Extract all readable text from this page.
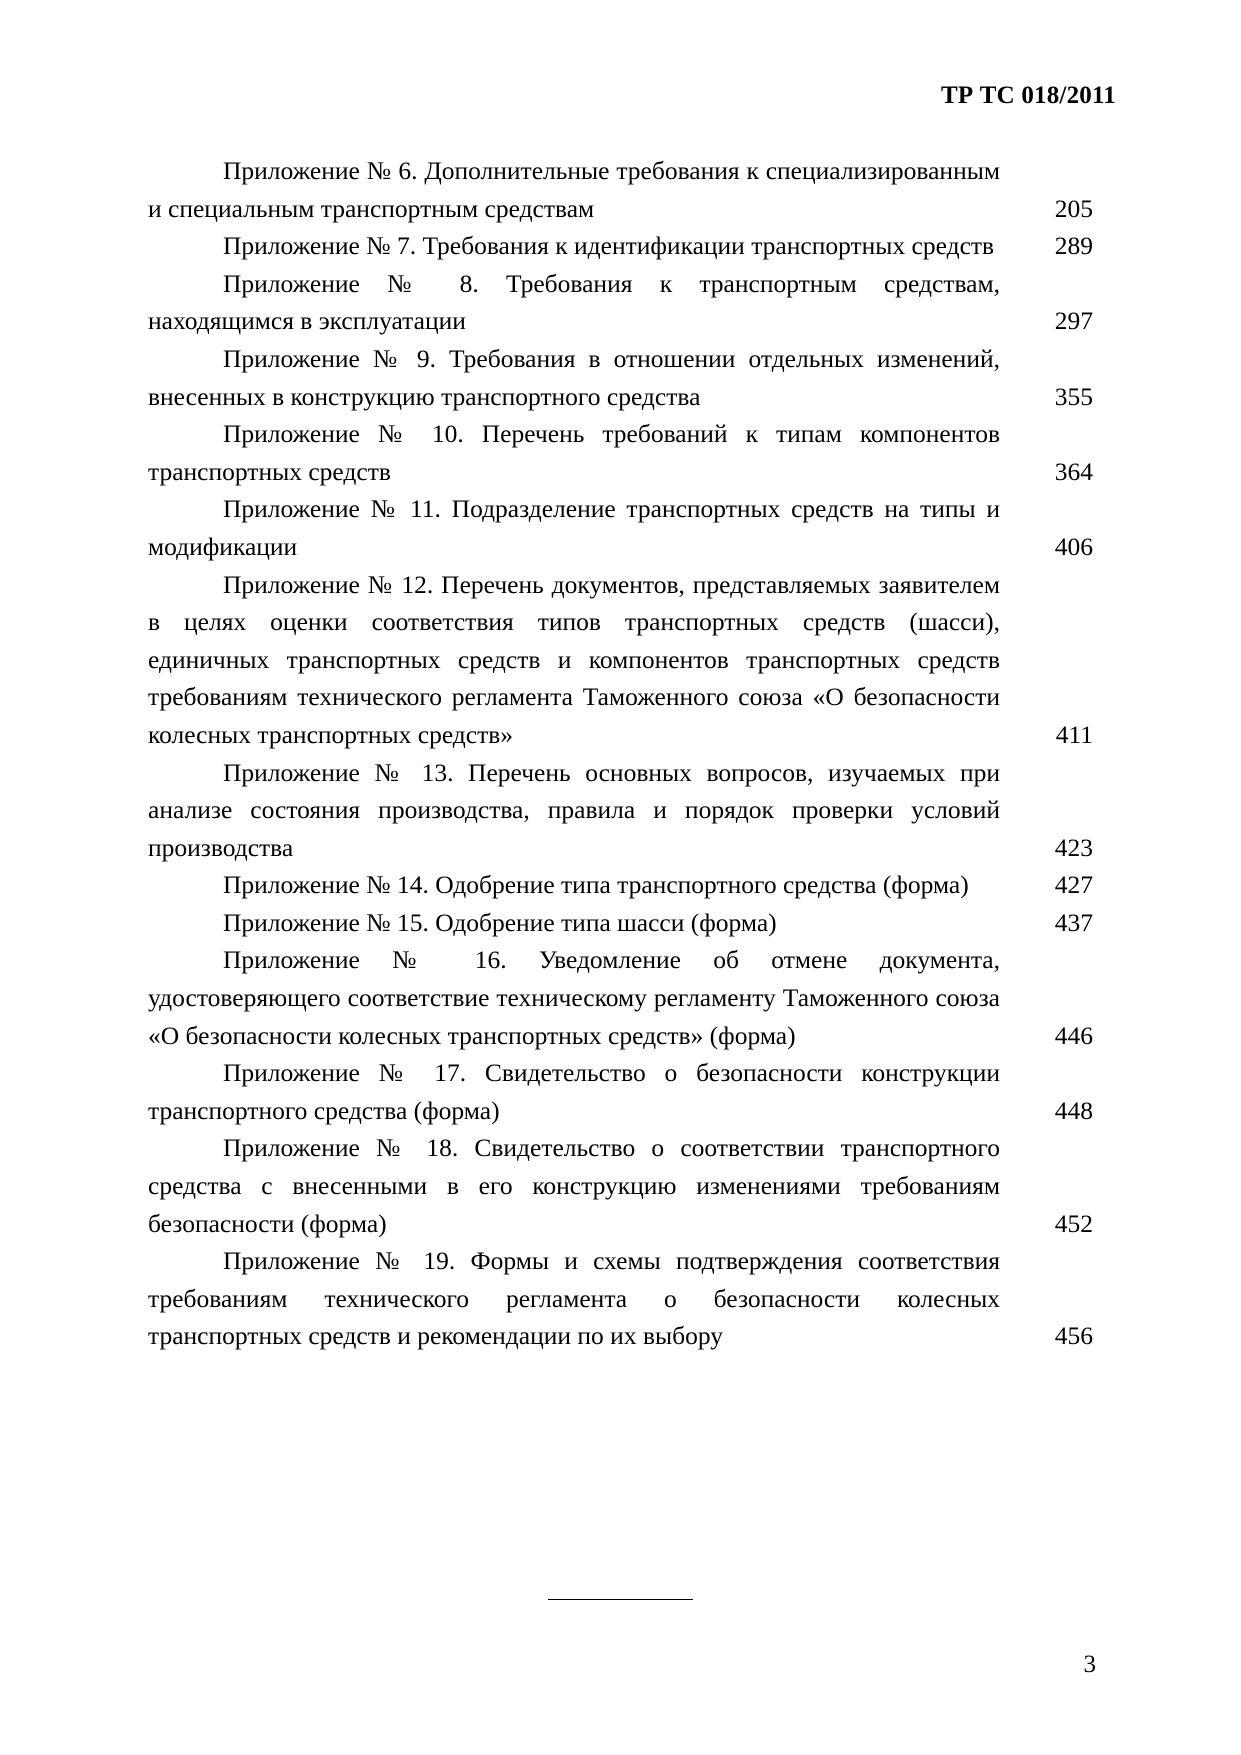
ТР ТС 018/2011
Приложение № 6. Дополнительные требования к специализированным и специальным транспортным средствам	205
Приложение № 7. Требования к идентификации транспортных средств	289
Приложение № 8. Требования к транспортным средствам, находящимся в эксплуатации	297
Приложение № 9. Требования в отношении отдельных изменений, внесенных в конструкцию транспортного средства	355
Приложение № 10. Перечень требований к типам компонентов транспортных средств	364
Приложение № 11. Подразделение транспортных средств на типы и модификации	406
Приложение № 12. Перечень документов, представляемых заявителем в целях оценки соответствия типов транспортных средств (шасси), единичных транспортных средств и компонентов транспортных средств требованиям технического регламента Таможенного союза «О безопасности колесных транспортных средств»	411
Приложение № 13. Перечень основных вопросов, изучаемых при анализе состояния производства, правила и порядок проверки условий производства	423
Приложение № 14. Одобрение типа транспортного средства (форма)	427
Приложение № 15. Одобрение типа шасси (форма)	437
Приложение № 16. Уведомление об отмене документа, удостоверяющего соответствие техническому регламенту Таможенного союза «О безопасности колесных транспортных средств» (форма)	446
Приложение № 17. Свидетельство о безопасности конструкции транспортного средства (форма)	448
Приложение № 18. Свидетельство о соответствии транспортного средства с внесенными в его конструкцию изменениями требованиям безопасности (форма)	452
Приложение № 19. Формы и схемы подтверждения соответствия требованиям технического регламента о безопасности колесных транспортных средств и рекомендации по их выбору	456
3
